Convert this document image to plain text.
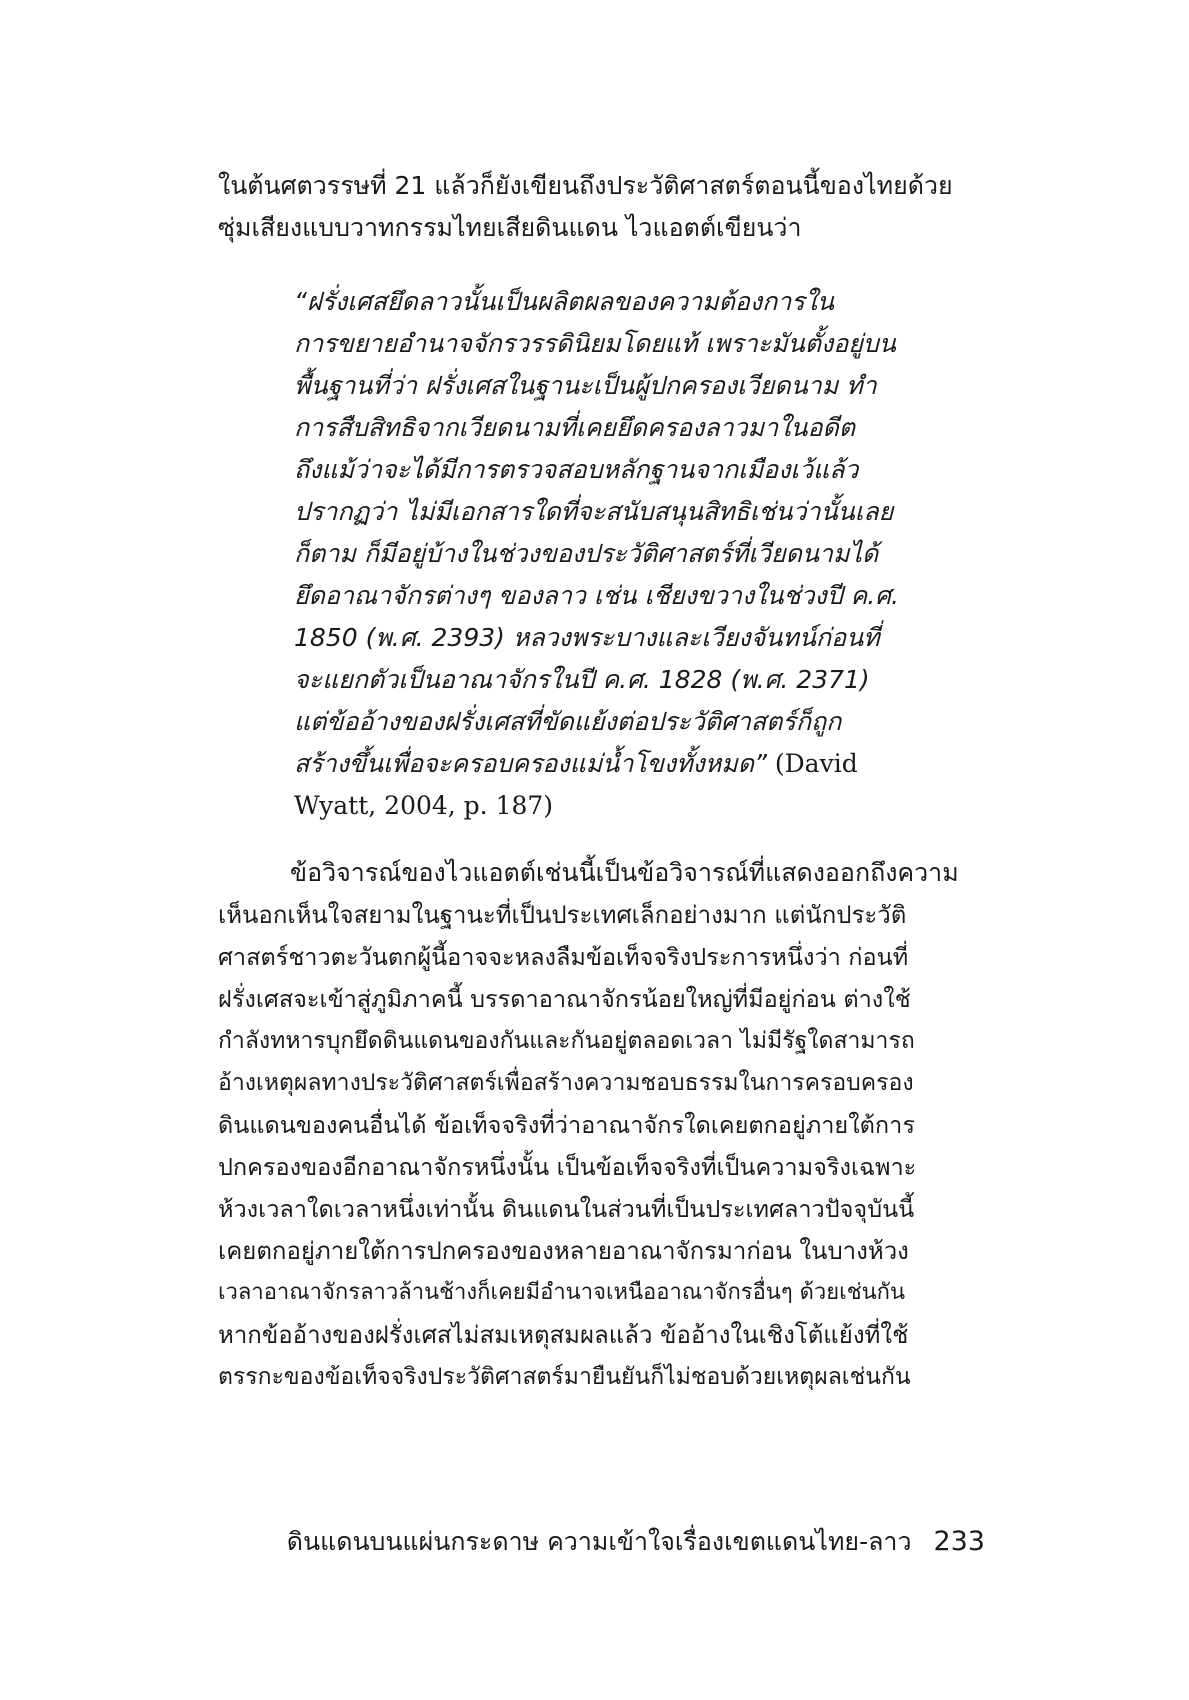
ในต้นศตวรรษที่ 21 แล้วก็ยังเขียนถึงประวัติศาสตร์ตอนนี้ของไทยด้วย
ซุ่มเสียงแบบวาทกรรมไทยเสียดินแดน ไวแอตต์เขียนว่า
“ฝรั่งเศสยึดลาวนั้นเป็นผลิตผลของความต้องการใน
การขยายอำนาจจักรวรรดินิยมโดยแท้ เพราะมันตั้งอยู่บน
พื้นฐานที่ว่า ฝรั่งเศสในฐานะเป็นผู้ปกครองเวียดนาม ทำ
การสืบสิทธิจากเวียดนามที่เคยยึดครองลาวมาในอดีต
ถึงแม้ว่าจะได้มีการตรวจสอบหลักฐานจากเมืองเว้แล้ว
ปรากฏว่า ไม่มีเอกสารใดที่จะสนับสนุนสิทธิเช่นว่านั้นเลย
ก็ตาม ก็มีอยู่บ้างในช่วงของประวัติศาสตร์ที่เวียดนามได้
ยึดอาณาจักรต่างๆ ของลาว เช่น เชียงขวางในช่วงปี ค.ศ.
1850 (พ.ศ. 2393) หลวงพระบางและเวียงจันทน์ก่อนที่
จะแยกตัวเป็นอาณาจักรในปี ค.ศ. 1828 (พ.ศ. 2371)
แต่ข้ออ้างของฝรั่งเศสที่ขัดแย้งต่อประวัติศาสตร์ก็ถูก
สร้างขึ้นเพื่อจะครอบครองแม่น้ำโขงทั้งหมด” (David
Wyatt, 2004, p. 187)
ข้อวิจารณ์ของไวแอตต์เช่นนี้เป็นข้อวิจารณ์ที่แสดงออกถึงความ
เห็นอกเห็นใจสยามในฐานะที่เป็นประเทศเล็กอย่างมาก แต่นักประวัติ
ศาสตร์ชาวตะวันตกผู้นี้อาจจะหลงลืมข้อเท็จจริงประการหนึ่งว่า ก่อนที่
ฝรั่งเศสจะเข้าสู่ภูมิภาคนี้ บรรดาอาณาจักรน้อยใหญ่ที่มีอยู่ก่อน ต่างใช้
กำลังทหารบุกยึดดินแดนของกันและกันอยู่ตลอดเวลา ไม่มีรัฐใดสามารถ
อ้างเหตุผลทางประวัติศาสตร์เพื่อสร้างความชอบธรรมในการครอบครอง
ดินแดนของคนอื่นได้ ข้อเท็จจริงที่ว่าอาณาจักรใดเคยตกอยู่ภายใต้การ
ปกครองของอีกอาณาจักรหนึ่งนั้น เป็นข้อเท็จจริงที่เป็นความจริงเฉพาะ
ห้วงเวลาใดเวลาหนึ่งเท่านั้น ดินแดนในส่วนที่เป็นประเทศลาวปัจจุบันนี้
เคยตกอยู่ภายใต้การปกครองของหลายอาณาจักรมาก่อน ในบางห้วง
เวลาอาณาจักรลาวล้านช้างก็เคยมีอำนาจเหนืออาณาจักรอื่นๆ ด้วยเช่นกัน
หากข้ออ้างของฝรั่งเศสไม่สมเหตุสมผลแล้ว ข้ออ้างในเชิงโต้แย้งที่ใช้
ตรรกะของข้อเท็จจริงประวัติศาสตร์มายืนยันก็ไม่ชอบด้วยเหตุผลเช่นกัน
ดินแดนบนแผ่นกระดาษ ความเข้าใจเรื่องเขตแดนไทย-ลาว 233
